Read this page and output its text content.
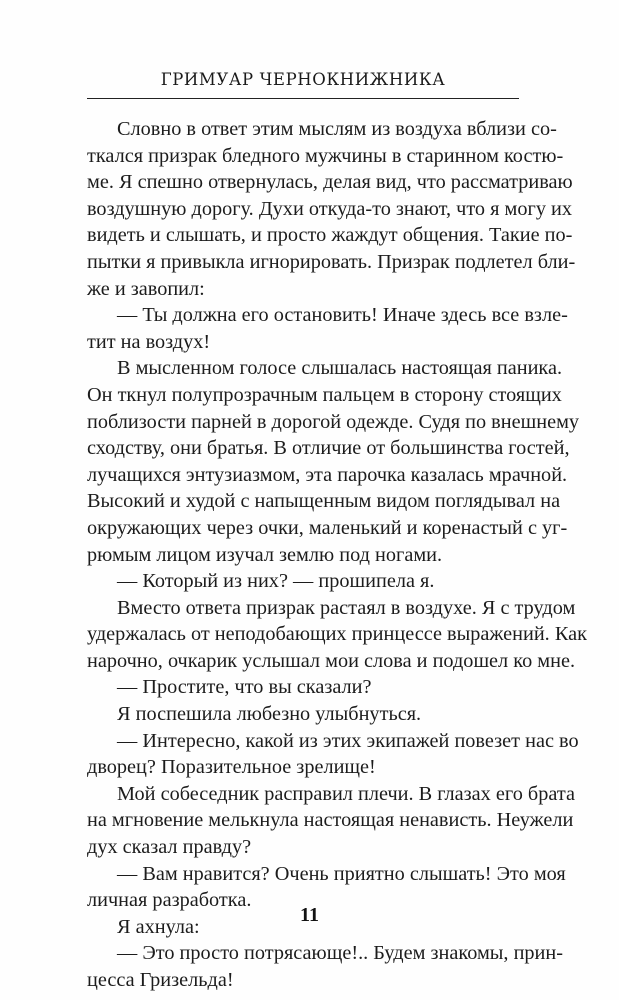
ГРИМУАР ЧЕРНОКНИЖНИКА
Словно в ответ этим мыслям из воздуха вблизи со-
ткался призрак бледного мужчины в старинном костю-
ме. Я спешно отвернулась, делая вид, что рассматриваю
воздушную дорогу. Духи откуда-то знают, что я могу их
видеть и слышать, и просто жаждут общения. Такие по-
пытки я привыкла игнорировать. Призрак подлетел бли-
же и завопил:
— Ты должна его остановить! Иначе здесь все взле-
тит на воздух!
В мысленном голосе слышалась настоящая паника.
Он ткнул полупрозрачным пальцем в сторону стоящих
поблизости парней в дорогой одежде. Судя по внешнему
сходству, они братья. В отличие от большинства гостей,
лучащихся энтузиазмом, эта парочка казалась мрачной.
Высокий и худой с напыщенным видом поглядывал на
окружающих через очки, маленький и коренастый с уг-
рюмым лицом изучал землю под ногами.
— Который из них? — прошипела я.
Вместо ответа призрак растаял в воздухе. Я с трудом
удержалась от неподобающих принцессе выражений. Как
нарочно, очкарик услышал мои слова и подошел ко мне.
— Простите, что вы сказали?
Я поспешила любезно улыбнуться.
— Интересно, какой из этих экипажей повезет нас во
дворец? Поразительное зрелище!
Мой собеседник расправил плечи. В глазах его брата
на мгновение мелькнула настоящая ненависть. Неужели
дух сказал правду?
— Вам нравится? Очень приятно слышать! Это моя
личная разработка.
Я ахнула:
— Это просто потрясающе!.. Будем знакомы, прин-
цесса Гризельда!
11
